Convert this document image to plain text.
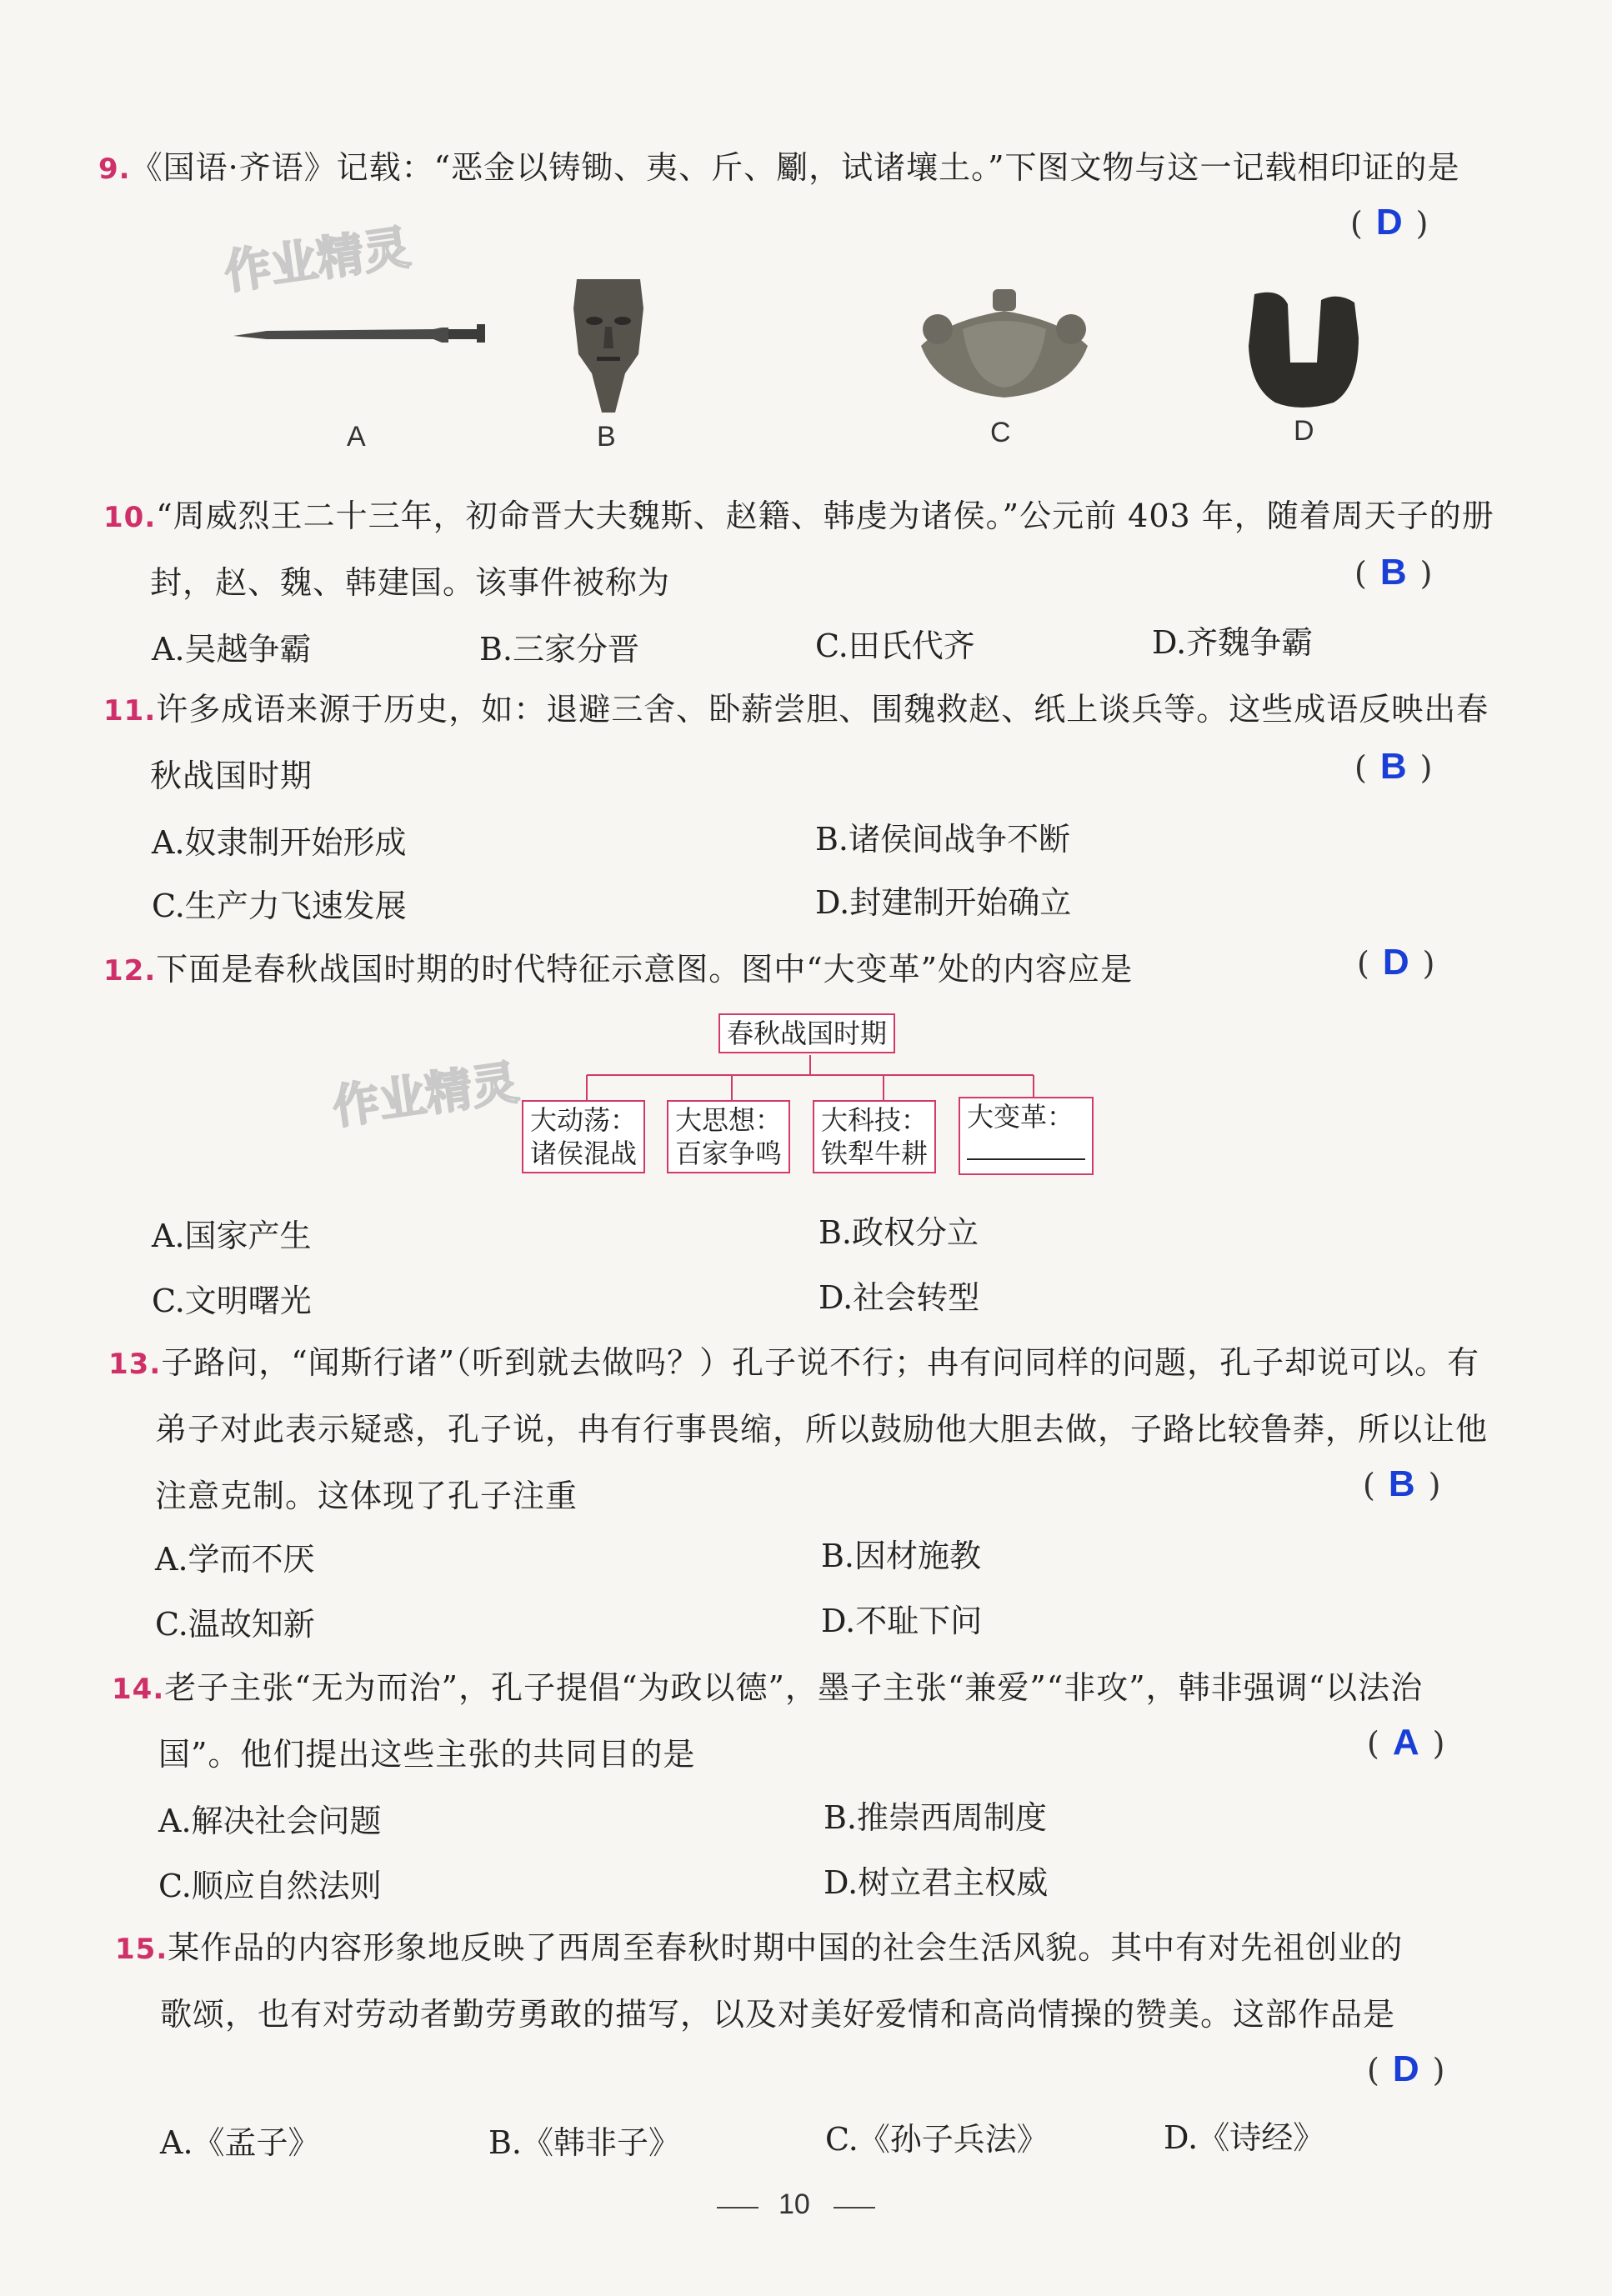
作业精灵
作业精灵
9.《国语·齐语》记载：“恶金以铸锄、夷、斤、劚，试诸壤土。”下图文物与这一记载相印证的是
( D )
A	B	C	D
10.“周威烈王二十三年，初命晋大夫魏斯、赵籍、韩虔为诸侯。”公元前 403 年，随着周天子的册
封，赵、魏、韩建国。该事件被称为	( B )
A.吴越争霸	B.三家分晋	C.田氏代齐	D.齐魏争霸
11.许多成语来源于历史，如：退避三舍、卧薪尝胆、围魏救赵、纸上谈兵等。这些成语反映出春
秋战国时期	( B )
A.奴隶制开始形成	B.诸侯间战争不断
C.生产力飞速发展	D.封建制开始确立
12.下面是春秋战国时期的时代特征示意图。图中“大变革”处的内容应是	( D )
春秋战国时期
大动荡：
诸侯混战
大思想：
百家争鸣
大科技：
铁犁牛耕
大变革：
A.国家产生	B.政权分立
C.文明曙光	D.社会转型
13.子路问，“闻斯行诸”（听到就去做吗？）孔子说不行；冉有问同样的问题，孔子却说可以。有
弟子对此表示疑惑，孔子说，冉有行事畏缩，所以鼓励他大胆去做，子路比较鲁莽，所以让他
注意克制。这体现了孔子注重	( B )
A.学而不厌	B.因材施教
C.温故知新	D.不耻下问
14.老子主张“无为而治”，孔子提倡“为政以德”，墨子主张“兼爱”“非攻”，韩非强调“以法治
国”。他们提出这些主张的共同目的是	( A )
A.解决社会问题	B.推崇西周制度
C.顺应自然法则	D.树立君主权威
15.某作品的内容形象地反映了西周至春秋时期中国的社会生活风貌。其中有对先祖创业的
歌颂，也有对劳动者勤劳勇敢的描写，以及对美好爱情和高尚情操的赞美。这部作品是
( D )
A.《孟子》	B.《韩非子》	C.《孙子兵法》	D.《诗经》
10
